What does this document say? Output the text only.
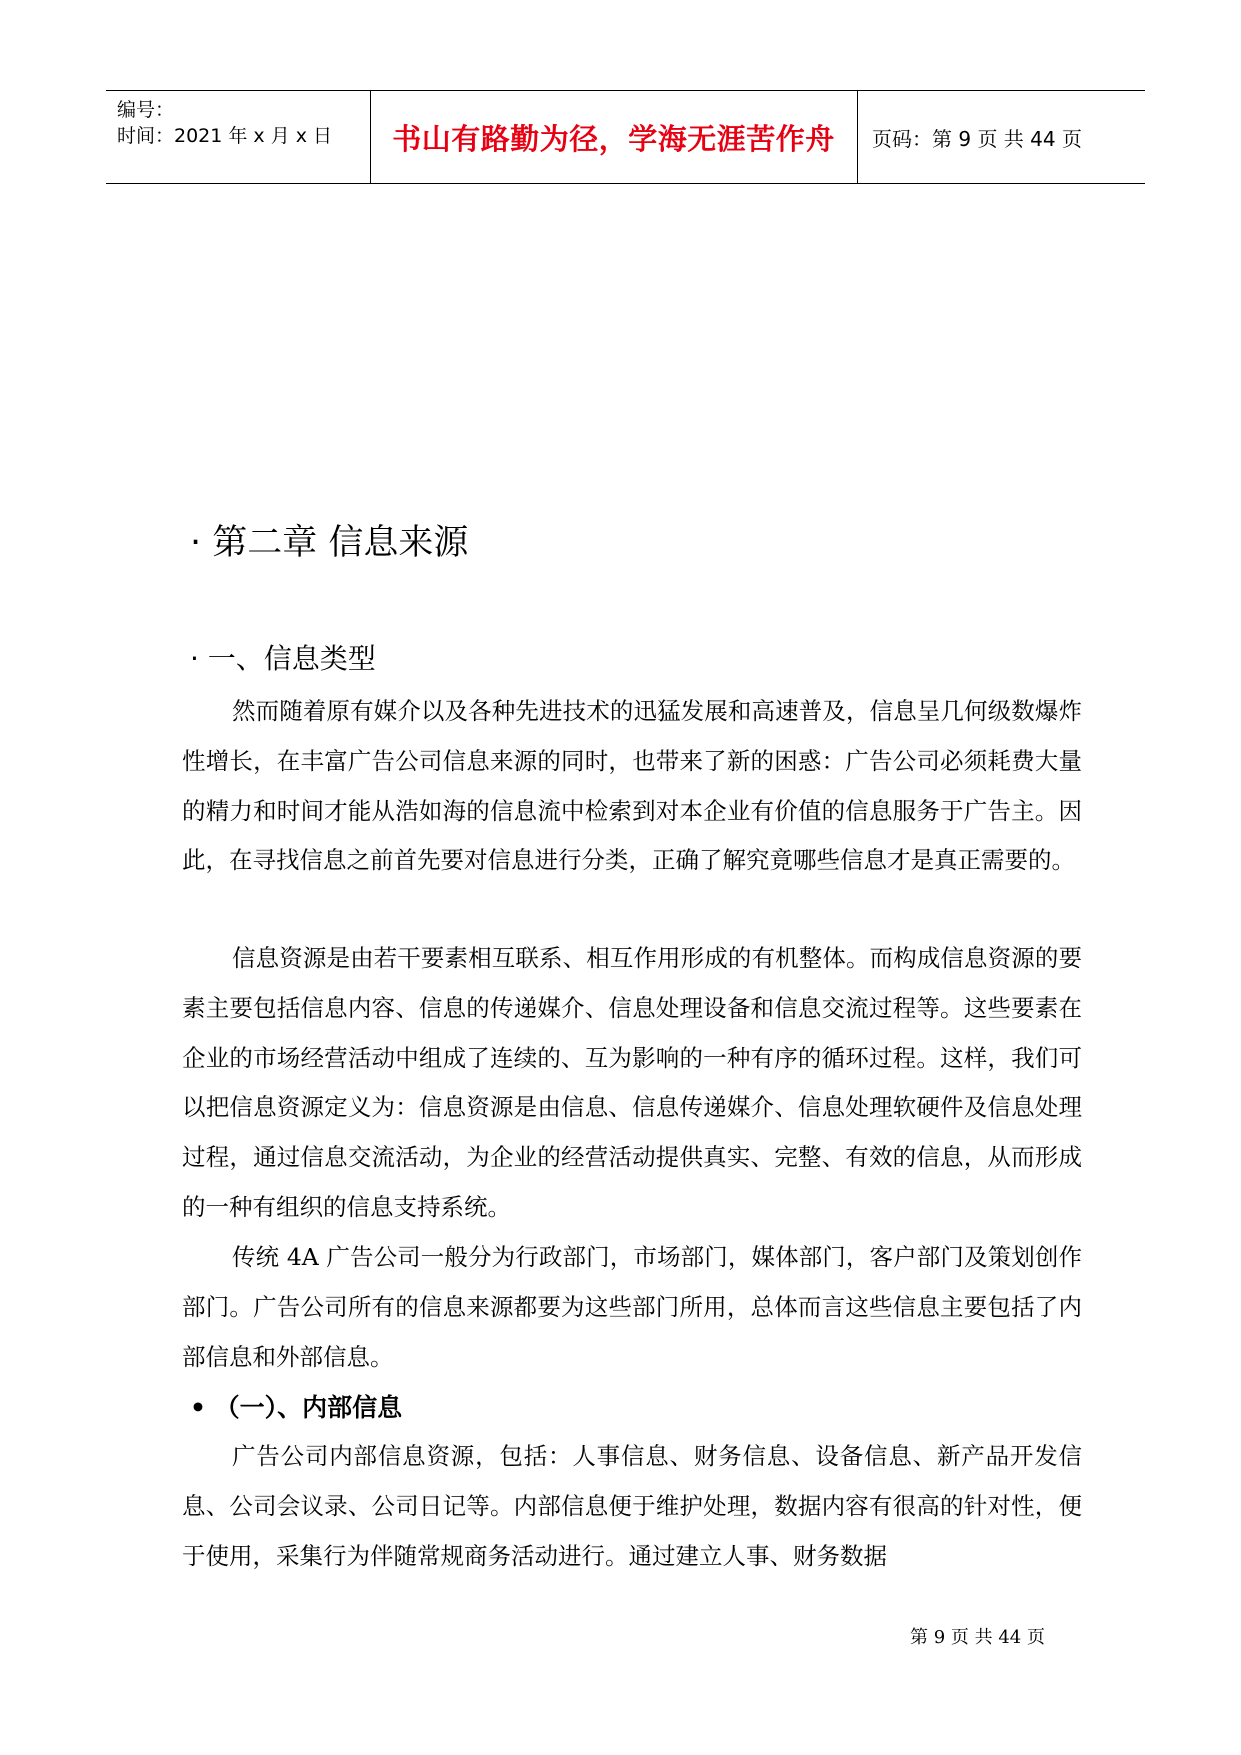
编号：
时间：2021 年 x 月 x 日 书山有路勤为径，学海无涯苦作舟 页码：第 9 页 共 44 页
· 第二章 信息来源
· 一、信息类型
然而随着原有媒介以及各种先进技术的迅猛发展和高速普及，信息呈几何级数爆炸性增长，在丰富广告公司信息来源的同时，也带来了新的困惑：广告公司必须耗费大量的精力和时间才能从浩如海的信息流中检索到对本企业有价值的信息服务于广告主。因此，在寻找信息之前首先要对信息进行分类，正确了解究竟哪些信息才是真正需要的。
信息资源是由若干要素相互联系、相互作用形成的有机整体。而构成信息资源的要素主要包括信息内容、信息的传递媒介、信息处理设备和信息交流过程等。这些要素在企业的市场经营活动中组成了连续的、互为影响的一种有序的循环过程。这样，我们可以把信息资源定义为：信息资源是由信息、信息传递媒介、信息处理软硬件及信息处理过程，通过信息交流活动，为企业的经营活动提供真实、完整、有效的信息，从而形成的一种有组织的信息支持系统。
传统 4A 广告公司一般分为行政部门，市场部门，媒体部门，客户部门及策划创作部门。广告公司所有的信息来源都要为这些部门所用，总体而言这些信息主要包括了内部信息和外部信息。
• （一）、内部信息
广告公司内部信息资源，包括：人事信息、财务信息、设备信息、新产品开发信息、公司会议录、公司日记等。内部信息便于维护处理，数据内容有很高的针对性，便于使用，采集行为伴随常规商务活动进行。通过建立人事、财务数据
第 9 页 共 44 页
